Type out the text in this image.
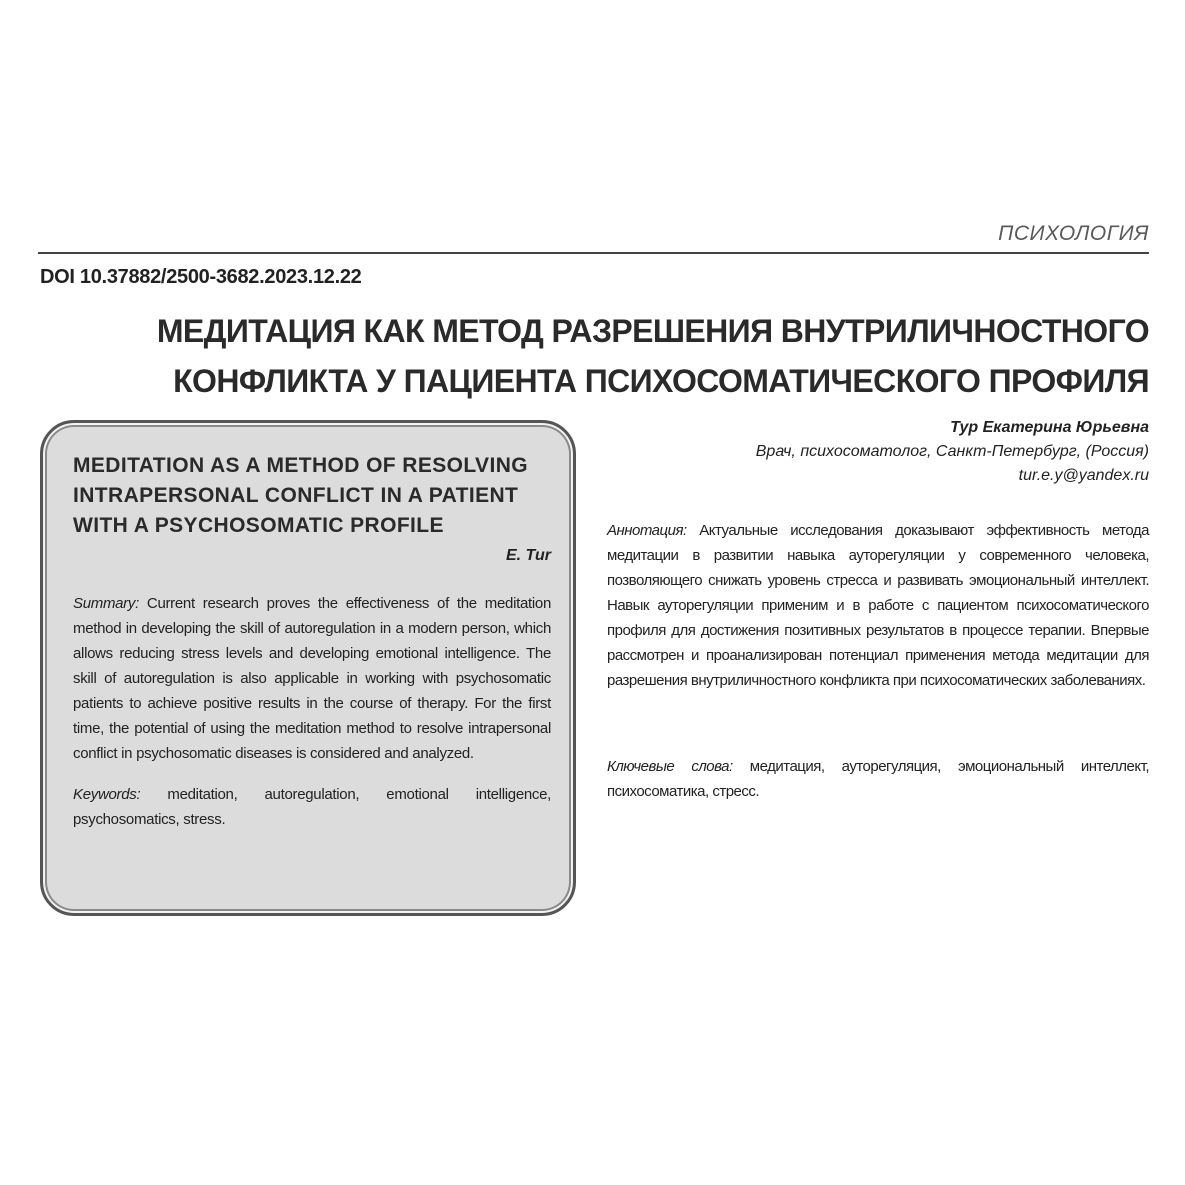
ПСИХОЛОГИЯ
DOI 10.37882/2500-3682.2023.12.22
МЕДИТАЦИЯ КАК МЕТОД РАЗРЕШЕНИЯ ВНУТРИЛИЧНОСТНОГО
КОНФЛИКТА У ПАЦИЕНТА ПСИХОСОМАТИЧЕСКОГО ПРОФИЛЯ
Тур Екатерина Юрьевна
Врач, психосоматолог, Санкт-Петербург, (Россия)
tur.e.y@yandex.ru
MEDITATION AS A METHOD OF RESOLVING INTRAPERSONAL CONFLICT IN A PATIENT WITH A PSYCHOSOMATIC PROFILE
E. Tur
Summary: Current research proves the effectiveness of the meditation method in developing the skill of autoregulation in a modern person, which allows reducing stress levels and developing emotional intelligence. The skill of autoregulation is also applicable in working with psychosomatic patients to achieve positive results in the course of therapy. For the first time, the potential of using the meditation method to resolve intrapersonal conflict in psychosomatic diseases is considered and analyzed.
Keywords: meditation, autoregulation, emotional intelligence, psychosomatics, stress.
Аннотация: Актуальные исследования доказывают эффективность метода медитации в развитии навыка ауторегуляции у современного человека, позволяющего снижать уровень стресса и развивать эмоциональный интеллект. Навык ауторегуляции применим и в работе с пациентом психосоматического профиля для достижения позитивных результатов в процессе терапии. Впервые рассмотрен и проанализирован потенциал применения метода медитации для разрешения внутриличностного конфликта при психосоматических заболеваниях.
Ключевые слова: медитация, ауторегуляция, эмоциональный интеллект, психосоматика, стресс.
